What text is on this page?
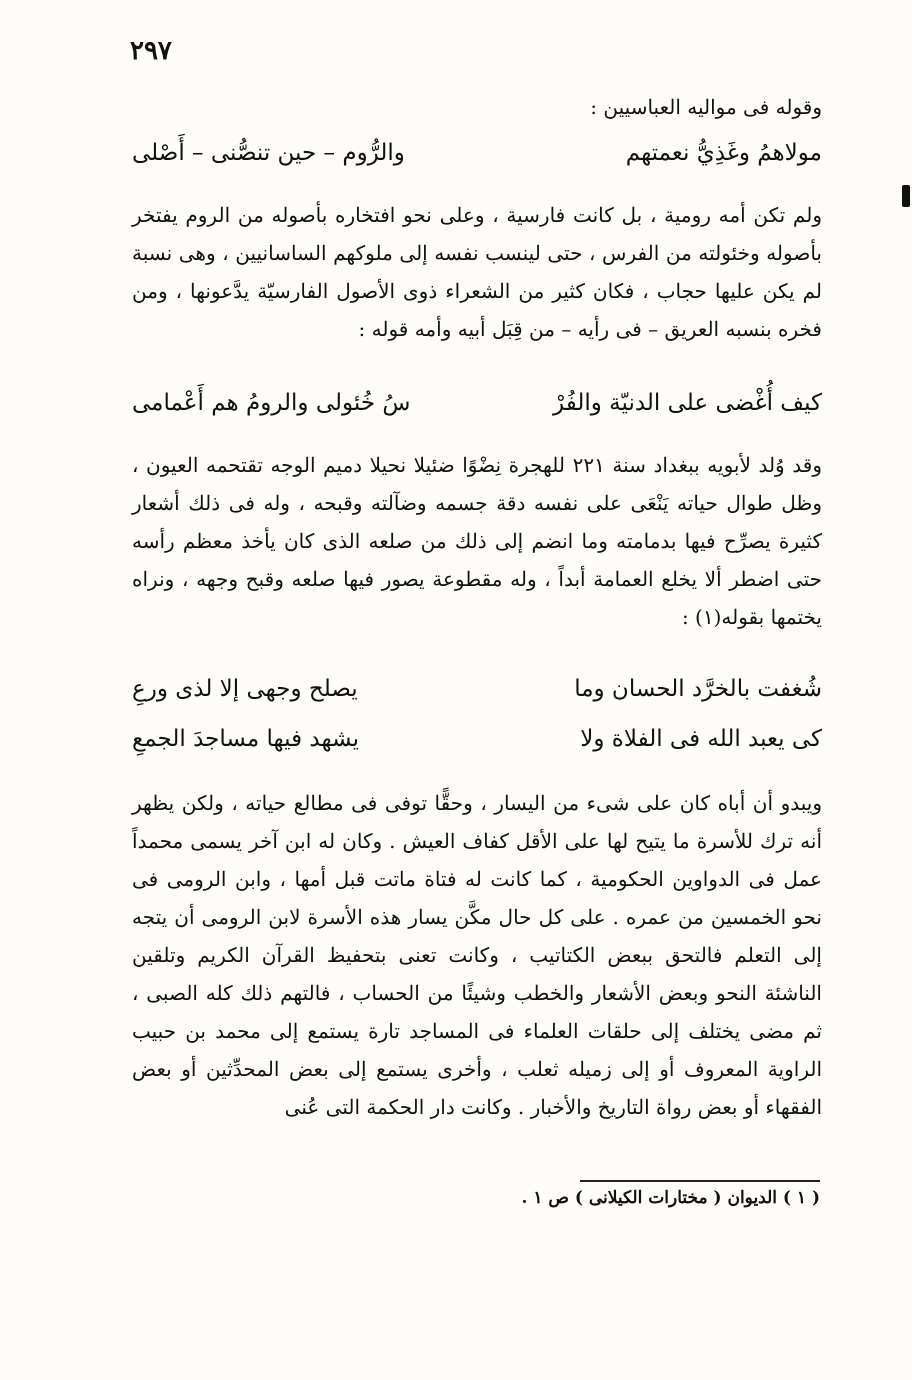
٢٩٧
وقوله فى مواليه العباسيين :
مولاهمُ وغَذِيُّ نعمتهم
والرُّوم – حين تنصُّنى – أَصْلى
ولم تكن أمه رومية ، بل كانت فارسية ، وعلى نحو افتخاره بأصوله من الروم يفتخر بأصوله وخئولته من الفرس ، حتى لينسب نفسه إلى ملوكهم الساسانيين ، وهى نسبة لم يكن عليها حجاب ، فكان كثير من الشعراء ذوى الأصول الفارسيّة يدَّعونها ، ومن فخره بنسبه العريق – فى رأيه – من قِبَل أبيه وأمه قوله :
كيف أُغْضى على الدنيّة والفُرْ
سُ خُئولى والرومُ هم أَعْمامى
وقد وُلد لأبويه ببغداد سنة ٢٢١ للهجرة نِضْوًا ضئيلا نحيلا دميم الوجه تقتحمه العيون ، وظل طوال حياته يَنْعَى على نفسه دقة جسمه وضآلته وقبحه ، وله فى ذلك أشعار كثيرة يصرِّح فيها بدمامته وما انضم إلى ذلك من صلعه الذى كان يأخذ معظم رأسه حتى اضطر ألا يخلع العمامة أبداً ، وله مقطوعة يصور فيها صلعه وقبح وجهه ، ونراه يختمها بقوله(١) :
شُغفت بالخرَّد الحسان وما
يصلح وجهى إلا لذى ورعِ
كى يعبد الله فى الفلاة ولا
يشهد فيها مساجدَ الجمعِ
ويبدو أن أباه كان على شىء من اليسار ، وحقًّا توفى فى مطالع حياته ، ولكن يظهر أنه ترك للأسرة ما يتيح لها على الأقل كفاف العيش . وكان له ابن آخر يسمى محمداً عمل فى الدواوين الحكومية ، كما كانت له فتاة ماتت قبل أمها ، وابن الرومى فى نحو الخمسين من عمره . على كل حال مكَّن يسار هذه الأسرة لابن الرومى أن يتجه إلى التعلم فالتحق ببعض الكتاتيب ، وكانت تعنى بتحفيظ القرآن الكريم وتلقين الناشئة النحو وبعض الأشعار والخطب وشيئًا من الحساب ، فالتهم ذلك كله الصبى ، ثم مضى يختلف إلى حلقات العلماء فى المساجد تارة يستمع إلى محمد بن حبيب الراوية المعروف أو إلى زميله ثعلب ، وأخرى يستمع إلى بعض المحدِّثين أو بعض الفقهاء أو بعض رواة التاريخ والأخبار . وكانت دار الحكمة التى عُنى
( ١ ) الديوان ( مختارات الكيلانى ) ص ١ .
